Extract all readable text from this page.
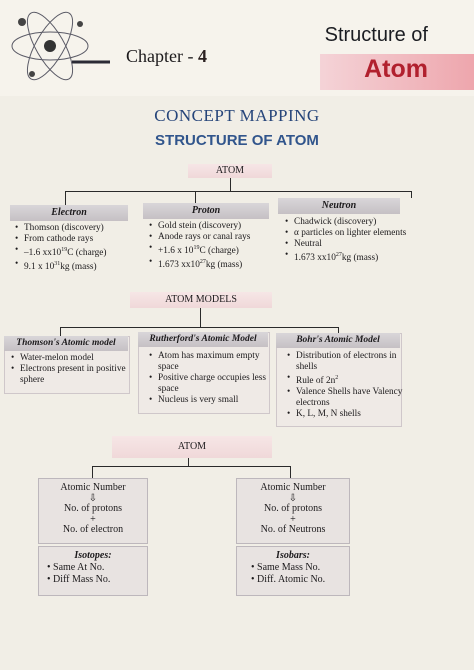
Chapter - 4
Structure of
Atom
CONCEPT MAPPING
STRUCTURE OF ATOM
ATOM
Electron
• Thomson (discovery)
• From cathode rays
• –1.6 $xx10^{19}C$ (charge)
• 9.1 x $10^{31}kg$ (mass)
Proton
• Gold stein (discovery)
• Anode rays or canal rays
• +1.6 x $10^{19}C$ (charge)
• 1.673 $xx10^{27}kg$ (mass)
Neutron
• Chadwick (discovery)
• α particles on lighter elements
• Neutral
• 1.673 $xx10^{27}kg$ (mass)
ATOM MODELS
Thomson's Atomic model
• Water-melon model
• Electrons present in positive sphere
Rutherford's Atomic Model
• Atom has maximum empty space
• Positive charge occupies less space
• Nucleus is very small
Bohr's Atomic Model
• Distribution of electrons in shells
• Rule of $2n^2$
• Valence Shells have Valency electrons
• K, L, M, N shells
ATOM
Atomic Number
⇩
No. of protons
+
No. of electron
Isotopes:
• Same At No.
• Diff Mass No.
Atomic Number
⇩
No. of protons
+
No. of Neutrons
Isobars:
• Same Mass No.
• Diff. Atomic No.
